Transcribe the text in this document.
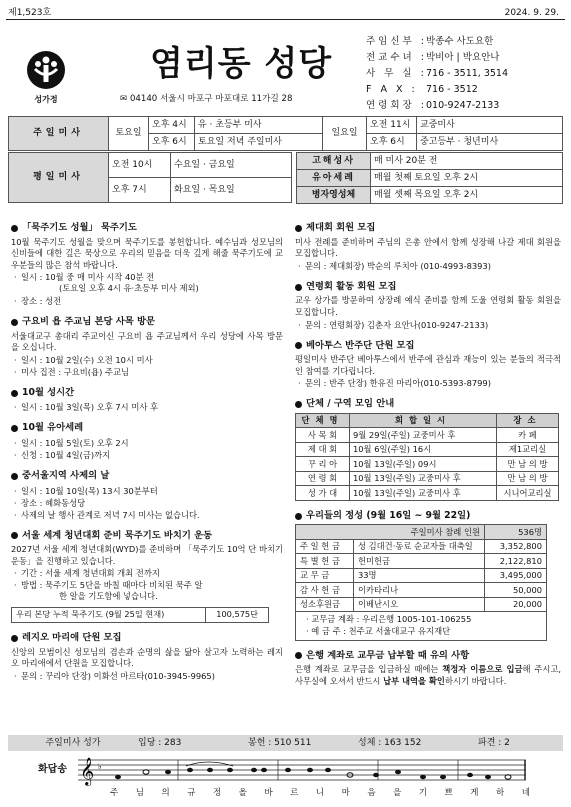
제1,523호	2024. 9. 29.
성가정
염리동 성당
✉ 04140 서울시 마포구 마포대로 11가길 28
주임신부 : 박종수 사도요한
전교수녀 : 박비아 | 박요안나
사 무 실 : 716 - 3511, 3514
F A X : 716 - 3512
연령회장 : 010-9247-2133
주일미사	토요일	오후 4시	유 · 초등부 미사	일요일	오전 11시	교중미사
		오후 6시	토요일 저녁 주일미사		오후 6시	중고등부 · 청년미사
평일미사	오전 10시	수요일 · 금요일
	오후 7시	화요일 · 목요일
고해성사	매 미사 20분 전
유아세례	매월 첫째 토요일 오후 2시
병자영성체	매월 셋째 목요일 오후 2시
「묵주기도 성월」 묵주기도
10월 묵주기도 성월을 맞으며 묵주기도를 봉헌합니다. 예수님과 성모님의 신비들에 대한 깊은 묵상으로 우리의 믿음을 더욱 깊게 해줄 묵주기도에 교우분들의 많은 참석 바랍니다.
· 일시 : 10월 중 매 미사 시작 40분 전
(토요일 오후 4시 유·초등부 미사 제외)
· 장소 : 성전
구요비 욥 주교님 본당 사목 방문
서울대교구 총대리 주교이신 구요비 욥 주교님께서 우리 성당에 사목 방문을 오십니다.
· 일시 : 10월 2일(수) 오전 10시 미사
· 미사 집전 : 구요비(욥) 주교님
10월 성시간
· 일시 : 10월 3일(목) 오후 7시 미사 후
10월 유아세례
· 일시 : 10월 5일(토) 오후 2시
· 신청 : 10월 4일(금)까지
중서울지역 사제의 날
· 일시 : 10월 10일(목) 13시 30분부터
· 장소 : 혜화동성당
· 사제의 날 행사 관계로 저녁 7시 미사는 없습니다.
서울 세계 청년대회 준비 묵주기도 바치기 운동
2027년 서울 세계 청년대회(WYD)를 준비하며 「묵주기도 10억 단 바치기 운동」을 진행하고 있습니다.
· 기간 : 서울 세계 청년대회 개최 전까지
· 방법 : 묵주기도 5단을 바칠 때마다 비치된 묵주 알
한 알을 기도함에 넣습니다.
우리 본당 누적 묵주기도 (9월 25일 현재)	100,575단
레지오 마리애 단원 모집
신앙의 모범이신 성모님의 겸손과 순명의 삶을 닮아 살고자 노력하는 레지오 마리애에서 단원을 모집합니다.
· 문의 : 꾸리아 단장) 이화선 마르타(010-3945-9965)
제대회 회원 모집
미사 전례를 준비하며 주님의 은총 안에서 함께 성장해 나갈 제대 회원을 모집합니다.
· 문의 : 제대회장) 박순의 루치아 (010-4993-8393)
연령회 활동 회원 모집
교우 상가를 방문하여 상장례 예식 준비를 함께 도울 연령회 활동 회원을 모집합니다.
· 문의 : 연령회장) 김춘자 요안나(010-9247-2133)
베아투스 반주단 단원 모집
평일미사 반주단 베아투스에서 반주에 관심과 재능이 있는 분들의 적극적인 참여를 기다립니다.
· 문의 : 반주 단장) 한유진 마리아(010-5393-8799)
단체 / 구역 모임 안내
단체명	회합일시	장소
사 목 회	9월 29일(주일) 교중미사 후	카 페
제 대 회	10월 6일(주일) 16시	제1교리실
꾸 리 아	10월 13일(주일) 09시	만 남 의 방
연 령 회	10월 13일(주일) 교중미사 후	만 남 의 방
성 가 대	10월 13일(주일) 교중미사 후	시니어교리실
우리들의 정성 (9월 16일 ~ 9월 22일)
주일미사 참례 인원		536명
주 일 헌 금	성 김대건·동료 순교자들 대축일	3,352,800
특 별 헌 금	헌미헌금	2,122,810
교 무 금	33명	3,495,000
감 사 헌 금	이카타리나	50,000
성소후원금	이베난시오	20,000

· 교무금 계좌 : 우리은행 1005-101-106255
· 예 금 주 : 천주교 서울대교구 유지재단		
은행 계좌로 교무금 납부할 때 유의 사항
은행 계좌로 교무금을 입금하실 때에는 책정자 이름으로 입금해 주시고, 사무실에 오셔서 반드시 납부 내역을 확인하시기 바랍니다.
주일미사 성가	입당 : 283	봉헌 : 510 511	성체 : 163 152	파견 : 2
화답송 𝄞 ♭
주 님 의 규 정 올 바 르 니 마 음 을 기 쁘 게 하 네
